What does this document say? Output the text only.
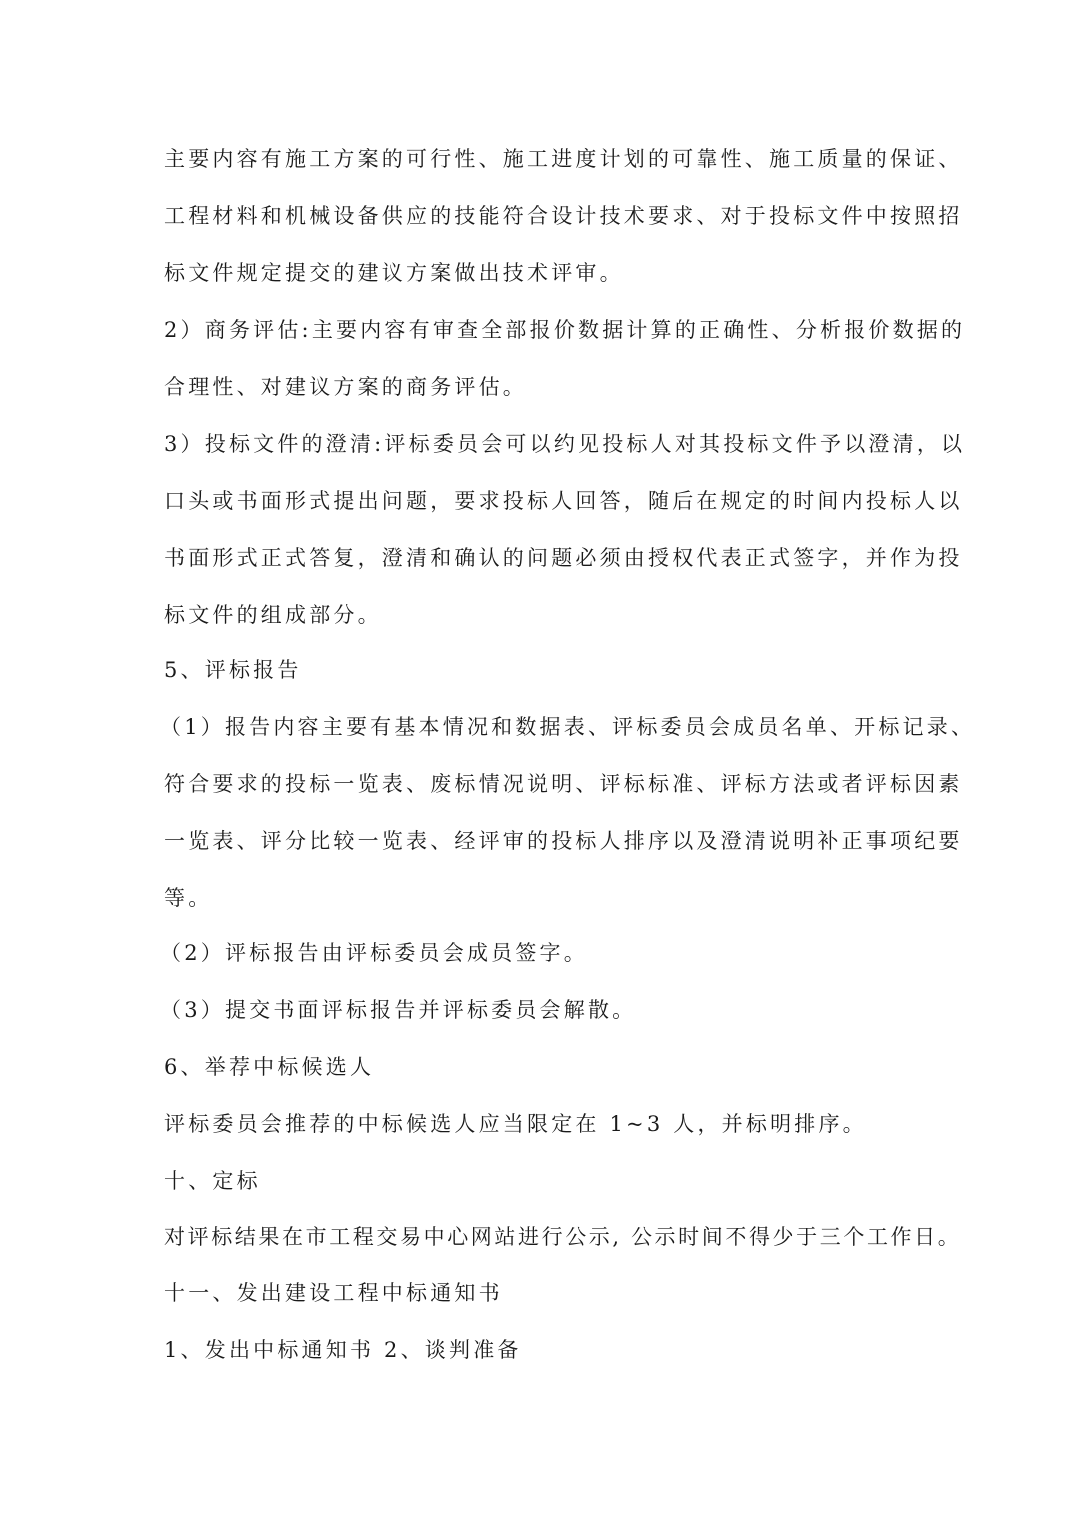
主要内容有施工方案的可行性、施工进度计划的可靠性、施工质量的保证、
工程材料和机械设备供应的技能符合设计技术要求、对于投标文件中按照招
标文件规定提交的建议方案做出技术评审。
2）商务评估:主要内容有审查全部报价数据计算的正确性、分析报价数据的
合理性、对建议方案的商务评估。
3）投标文件的澄清:评标委员会可以约见投标人对其投标文件予以澄清，以
口头或书面形式提出问题，要求投标人回答，随后在规定的时间内投标人以
书面形式正式答复，澄清和确认的问题必须由授权代表正式签字，并作为投
标文件的组成部分。
5、评标报告
（1）报告内容主要有基本情况和数据表、评标委员会成员名单、开标记录、
符合要求的投标一览表、废标情况说明、评标标准、评标方法或者评标因素
一览表、评分比较一览表、经评审的投标人排序以及澄清说明补正事项纪要
等。
（2）评标报告由评标委员会成员签字。
（3）提交书面评标报告并评标委员会解散。
6、举荐中标候选人
评标委员会推荐的中标候选人应当限定在 1~3 人，并标明排序。
十、定标
对评标结果在市工程交易中心网站进行公示, 公示时间不得少于三个工作日。
十一、发出建设工程中标通知书
1、发出中标通知书 2、谈判准备
